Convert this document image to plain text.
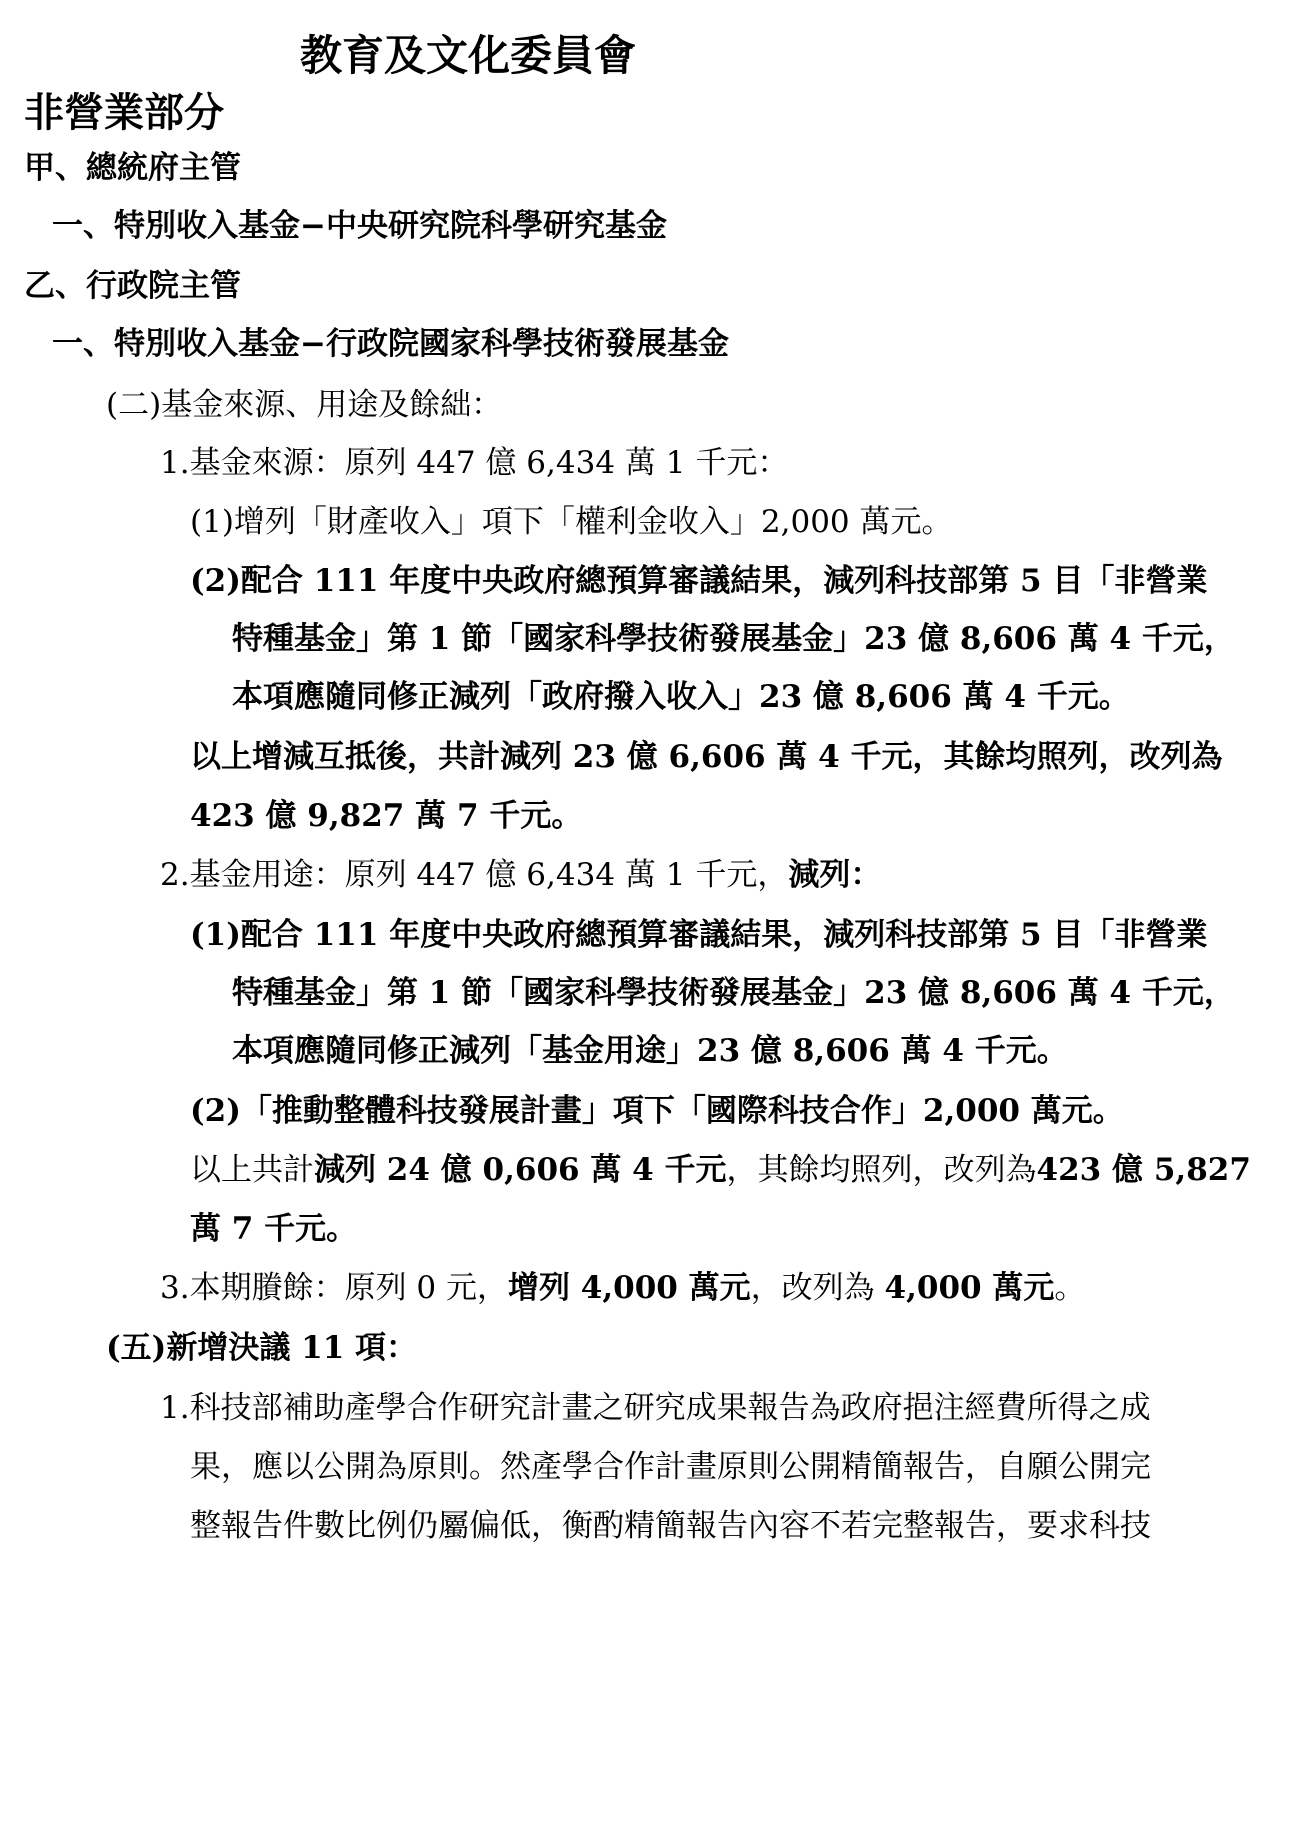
教育及文化委員會
非營業部分
甲、總統府主管
一、特別收入基金−中央研究院科學研究基金
乙、行政院主管
一、特別收入基金−行政院國家科學技術發展基金
(二)基金來源、用途及餘絀：
1.基金來源：原列 447 億 6,434 萬 1 千元：
(1)增列「財產收入」項下「權利金收入」2,000 萬元。
(2)配合 111 年度中央政府總預算審議結果，減列科技部第 5 目「非營業
特種基金」第 1 節「國家科學技術發展基金」23 億 8,606 萬 4 千元，
本項應隨同修正減列「政府撥入收入」23 億 8,606 萬 4 千元。
以上增減互抵後，共計減列 23 億 6,606 萬 4 千元，其餘均照列，改列為
423 億 9,827 萬 7 千元。
2.基金用途：原列 447 億 6,434 萬 1 千元，減列：
(1)配合 111 年度中央政府總預算審議結果，減列科技部第 5 目「非營業
特種基金」第 1 節「國家科學技術發展基金」23 億 8,606 萬 4 千元，
本項應隨同修正減列「基金用途」23 億 8,606 萬 4 千元。
(2)「推動整體科技發展計畫」項下「國際科技合作」2,000 萬元。
以上共計減列 24 億 0,606 萬 4 千元，其餘均照列，改列為 423 億 5,827
萬 7 千元。
3.本期賸餘：原列 0 元，增列 4,000 萬元，改列為 4,000 萬元。
(五)新增決議 11 項：
1.科技部補助產學合作研究計畫之研究成果報告為政府挹注經費所得之成
果，應以公開為原則。然產學合作計畫原則公開精簡報告，自願公開完
整報告件數比例仍屬偏低，衡酌精簡報告內容不若完整報告，要求科技
